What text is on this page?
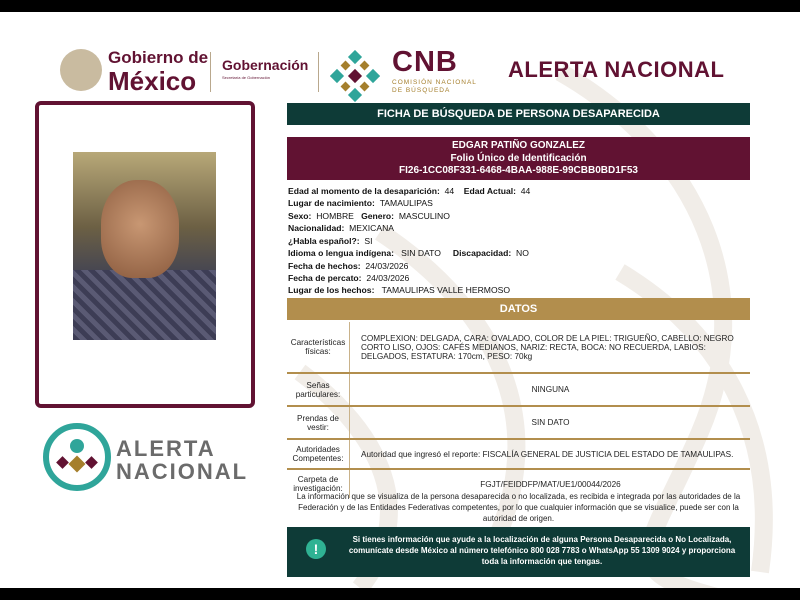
Gobierno de
México
Gobernación
Secretaría de Gobernación	CNB
COMISIÓN NACIONAL
DE BÚSQUEDA
ALERTA NACIONAL
ALERTA
NACIONAL
FICHA DE BÚSQUEDA DE PERSONA DESAPARECIDA
EDGAR PATIÑO GONZALEZ
Folio Único de Identificación
FI26-1CC08F331-6468-4BAA-988E-99CBB0BD1F53
Edad al momento de la desaparición: 44 Edad Actual: 44
Lugar de nacimiento: TAMAULIPAS
Sexo: HOMBRE Genero: MASCULINO
Nacionalidad: MEXICANA
¿Habla español?: SI
Idioma o lengua indígena: SIN DATO Discapacidad: NO
Fecha de hechos: 24/03/2026
Fecha de percato: 24/03/2026
Lugar de los hechos: TAMAULIPAS VALLE HERMOSO
DATOS
Características físicas:
COMPLEXION: DELGADA, CARA: OVALADO, COLOR DE LA PIEL: TRIGUEÑO, CABELLO: NEGRO CORTO LISO, OJOS: CAFÉS MEDIANOS, NARIZ: RECTA, BOCA: NO RECUERDA, LABIOS: DELGADOS, ESTATURA: 170cm, PESO: 70kg
Señas particulares:	NINGUNA
Prendas de vestir:	SIN DATO
Autoridades Competentes:	Autoridad que ingresó el reporte: FISCALÍA GENERAL DE JUSTICIA DEL ESTADO DE TAMAULIPAS.
Carpeta de investigación:	FGJT/FEIDDFP/MAT/UE1/00044/2026
La información que se visualiza de la persona desaparecida o no localizada, es recibida e integrada por las autoridades de la Federación y de las Entidades Federativas competentes, por lo que cualquier información que se visualice, puede ser con la autoridad de origen.
!
Si tienes información que ayude a la localización de alguna Persona Desaparecida o No Localizada, comunícate desde México al número telefónico 800 028 7783 o WhatsApp 55 1309 9024 y proporciona toda la información que tengas.
